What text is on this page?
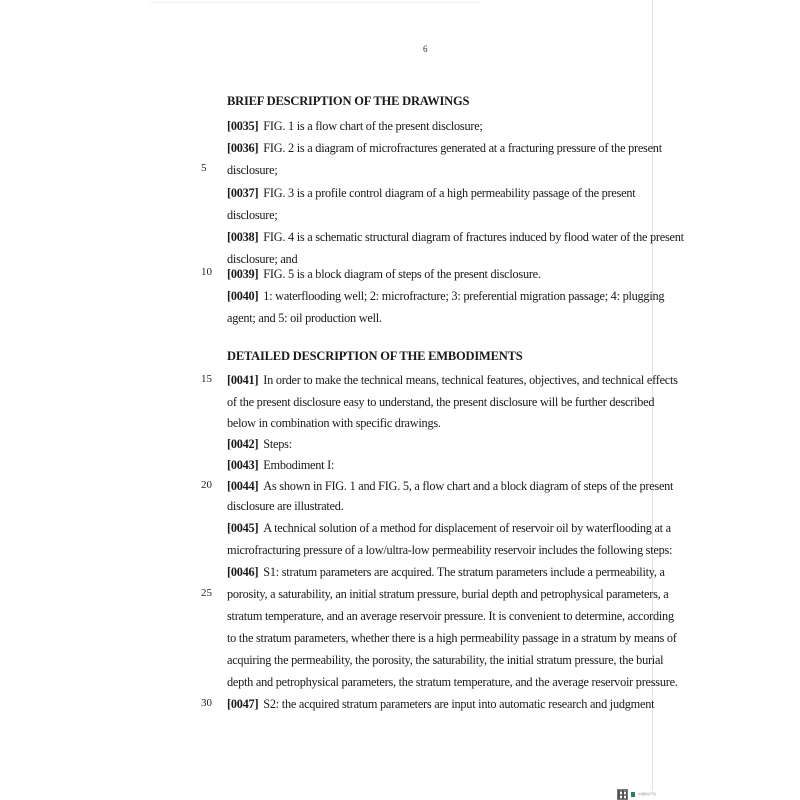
6
BRIEF DESCRIPTION OF THE DRAWINGS
[0035] FIG. 1 is a flow chart of the present disclosure;
[0036] FIG. 2 is a diagram of microfractures generated at a fracturing pressure of the present
5 disclosure;
[0037] FIG. 3 is a profile control diagram of a high permeability passage of the present
disclosure;
[0038] FIG. 4 is a schematic structural diagram of fractures induced by flood water of the present
disclosure; and
10 [0039] FIG. 5 is a block diagram of steps of the present disclosure.
[0040] 1: waterflooding well; 2: microfracture; 3: preferential migration passage; 4: plugging
agent; and 5: oil production well.
DETAILED DESCRIPTION OF THE EMBODIMENTS
15 [0041] In order to make the technical means, technical features, objectives, and technical effects
of the present disclosure easy to understand, the present disclosure will be further described
below in combination with specific drawings.
[0042] Steps:
[0043] Embodiment I:
20 [0044] As shown in FIG. 1 and FIG. 5, a flow chart and a block diagram of steps of the present
disclosure are illustrated.
[0045] A technical solution of a method for displacement of reservoir oil by waterflooding at a
microfracturing pressure of a low/ultra-low permeability reservoir includes the following steps:
[0046] S1: stratum parameters are acquired. The stratum parameters include a permeability, a
25 porosity, a saturability, an initial stratum pressure, burial depth and petrophysical parameters, a
stratum temperature, and an average reservoir pressure. It is convenient to determine, according
to the stratum parameters, whether there is a high permeability passage in a stratum by means of
acquiring the permeability, the porosity, the saturability, the initial stratum pressure, the burial
depth and petrophysical parameters, the stratum temperature, and the average reservoir pressure.
30 [0047] S2: the acquired stratum parameters are input into automatic research and judgment
中国知识产权
